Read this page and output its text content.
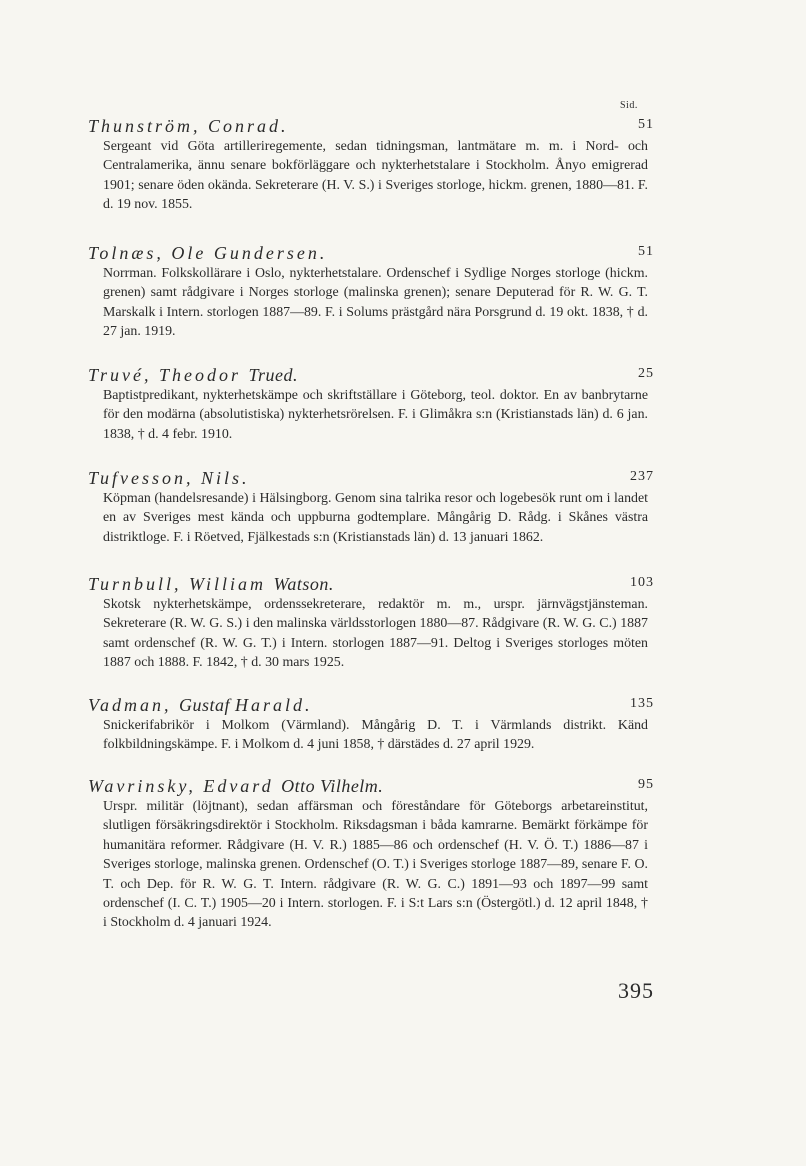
Sid.
Thunström, Conrad.	51
Sergeant vid Göta artilleriregemente, sedan tidningsman, lantmätare m. m. i Nord- och Centralamerika, ännu senare bokförläggare och nykterhetstalare i Stockholm. Ånyo emigrerad 1901; senare öden okända. Sekreterare (H. V. S.) i Sveriges storloge, hickm. grenen, 1880—81. F. d. 19 nov. 1855.
Tolnæs, Ole Gundersen.	51
Norrman. Folkskollärare i Oslo, nykterhetstalare. Ordenschef i Sydlige Norges storloge (hickm. grenen) samt rådgivare i Norges storloge (malinska grenen); senare Deputerad för R. W. G. T. Marskalk i Intern. storlogen 1887—89. F. i Solums prästgård nära Porsgrund d. 19 okt. 1838, † d. 27 jan. 1919.
Truvé, Theodor Trued.	25
Baptistpredikant, nykterhetskämpe och skriftställare i Göteborg, teol. doktor. En av banbrytarne för den modärna (absolutistiska) nykterhetsrörelsen. F. i Glimåkra s:n (Kristianstads län) d. 6 jan. 1838, † d. 4 febr. 1910.
Tufvesson, Nils.	237
Köpman (handelsresande) i Hälsingborg. Genom sina talrika resor och logebesök runt om i landet en av Sveriges mest kända och uppburna godtemplare. Mångårig D. Rådg. i Skånes västra distriktloge. F. i Röetved, Fjälkestads s:n (Kristianstads län) d. 13 januari 1862.
Turnbull, William Watson.	103
Skotsk nykterhetskämpe, ordenssekreterare, redaktör m. m., urspr. järnvägstjänsteman. Sekreterare (R. W. G. S.) i den malinska världsstorlogen 1880—87. Rådgivare (R. W. G. C.) 1887 samt ordenschef (R. W. G. T.) i Intern. storlogen 1887—91. Deltog i Sveriges storloges möten 1887 och 1888. F. 1842, † d. 30 mars 1925.
Vadman, Gustaf Harald.	135
Snickerifabrikör i Molkom (Värmland). Mångårig D. T. i Värmlands distrikt. Känd folkbildningskämpe. F. i Molkom d. 4 juni 1858, † därstädes d. 27 april 1929.
Wavrinsky, Edvard Otto Vilhelm.	95
Urspr. militär (löjtnant), sedan affärsman och föreståndare för Göteborgs arbetareinstitut, slutligen försäkringsdirektör i Stockholm. Riksdagsman i båda kamrarne. Bemärkt förkämpe för humanitära reformer. Rådgivare (H. V. R.) 1885—86 och ordenschef (H. V. Ö. T.) 1886—87 i Sveriges storloge, malinska grenen. Ordenschef (O. T.) i Sveriges storloge 1887—89, senare F. O. T. och Dep. för R. W. G. T. Intern. rådgivare (R. W. G. C.) 1891—93 och 1897—99 samt ordenschef (I. C. T.) 1905—20 i Intern. storlogen. F. i S:t Lars s:n (Östergötl.) d. 12 april 1848, † i Stockholm d. 4 januari 1924.
395
